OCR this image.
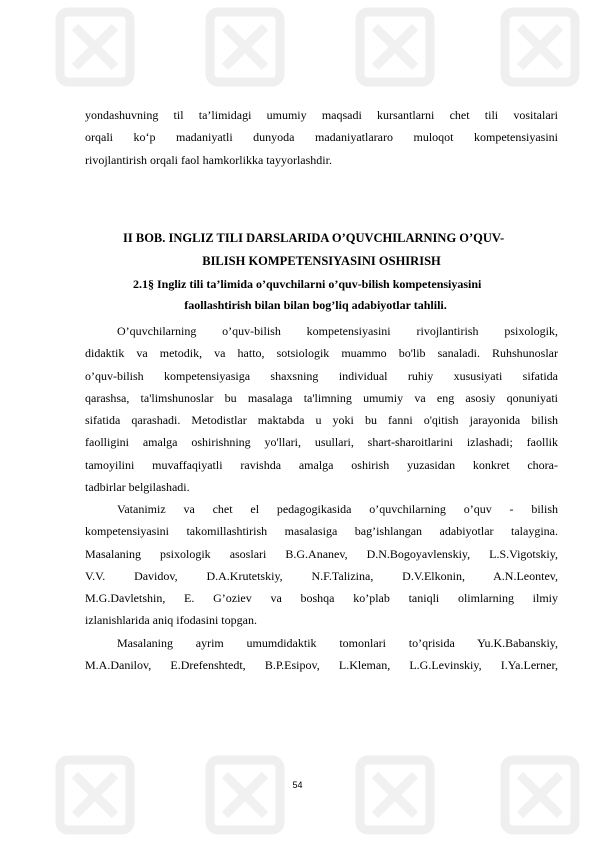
yondashuvning til ta’limidagi umumiy maqsadi kursantlarni chet tili vositalari
orqali ko‘p madaniyatli dunyoda madaniyatlararo muloqot kompetensiyasini
rivojlantirish orqali faol hamkorlikka tayyorlashdir.

II BOB. INGLIZ TILI DARSLARIDA O’QUVCHILARNING O’QUV-
BILISH KOMPETENSIYASINI OSHIRISH
2.1§ Ingliz tili ta’limida o’quvchilarni o’quv-bilish kompetensiyasini
faollashtirish bilan bilan bog’liq adabiyotlar tahlili.

O’quvchilarning o’quv-bilish kompetensiyasini rivojlantirish psixologik,
didaktik va metodik, va hatto, sotsiologik muammo bo'lib sanaladi. Ruhshunoslar
o’quv-bilish kompetensiyasiga shaxsning individual ruhiy xususiyati sifatida
qarashsa, ta'limshunoslar bu masalaga ta'limning umumiy va eng asosiy qonuniyati
sifatida qarashadi. Metodistlar maktabda u yoki bu fanni o'qitish jarayonida bilish
faolligini amalga oshirishning yo'llari, usullari, shart-sharoitlarini izlashadi; faollik
tamoyilini muvaffaqiyatli ravishda amalga oshirish yuzasidan konkret chora-
tadbirlar belgilashadi.

Vatanimiz va chet el pedagogikasida o’quvchilarning o’quv - bilish
kompetensiyasini takomillashtirish masalasiga bag’ishlangan adabiyotlar talaygina.
Masalaning psixologik asoslari B.G.Ananev, D.N.Bogoyavlenskiy, L.S.Vigotskiy,
V.V. Davidov, D.A.Krutetskiy, N.F.Talizina, D.V.Elkonin, A.N.Leontev,
M.G.Davletshin, E. G’oziev va boshqa ko’plab taniqli olimlarning ilmiy
izlanishlarida aniq ifodasini topgan.

Masalaning ayrim umumdidaktik tomonlari to’qrisida Yu.K.Babanskiy,
M.A.Danilov, E.Drefenshtedt, B.P.Esipov, L.Kleman, L.G.Levinskiy, I.Ya.Lerner,

54
